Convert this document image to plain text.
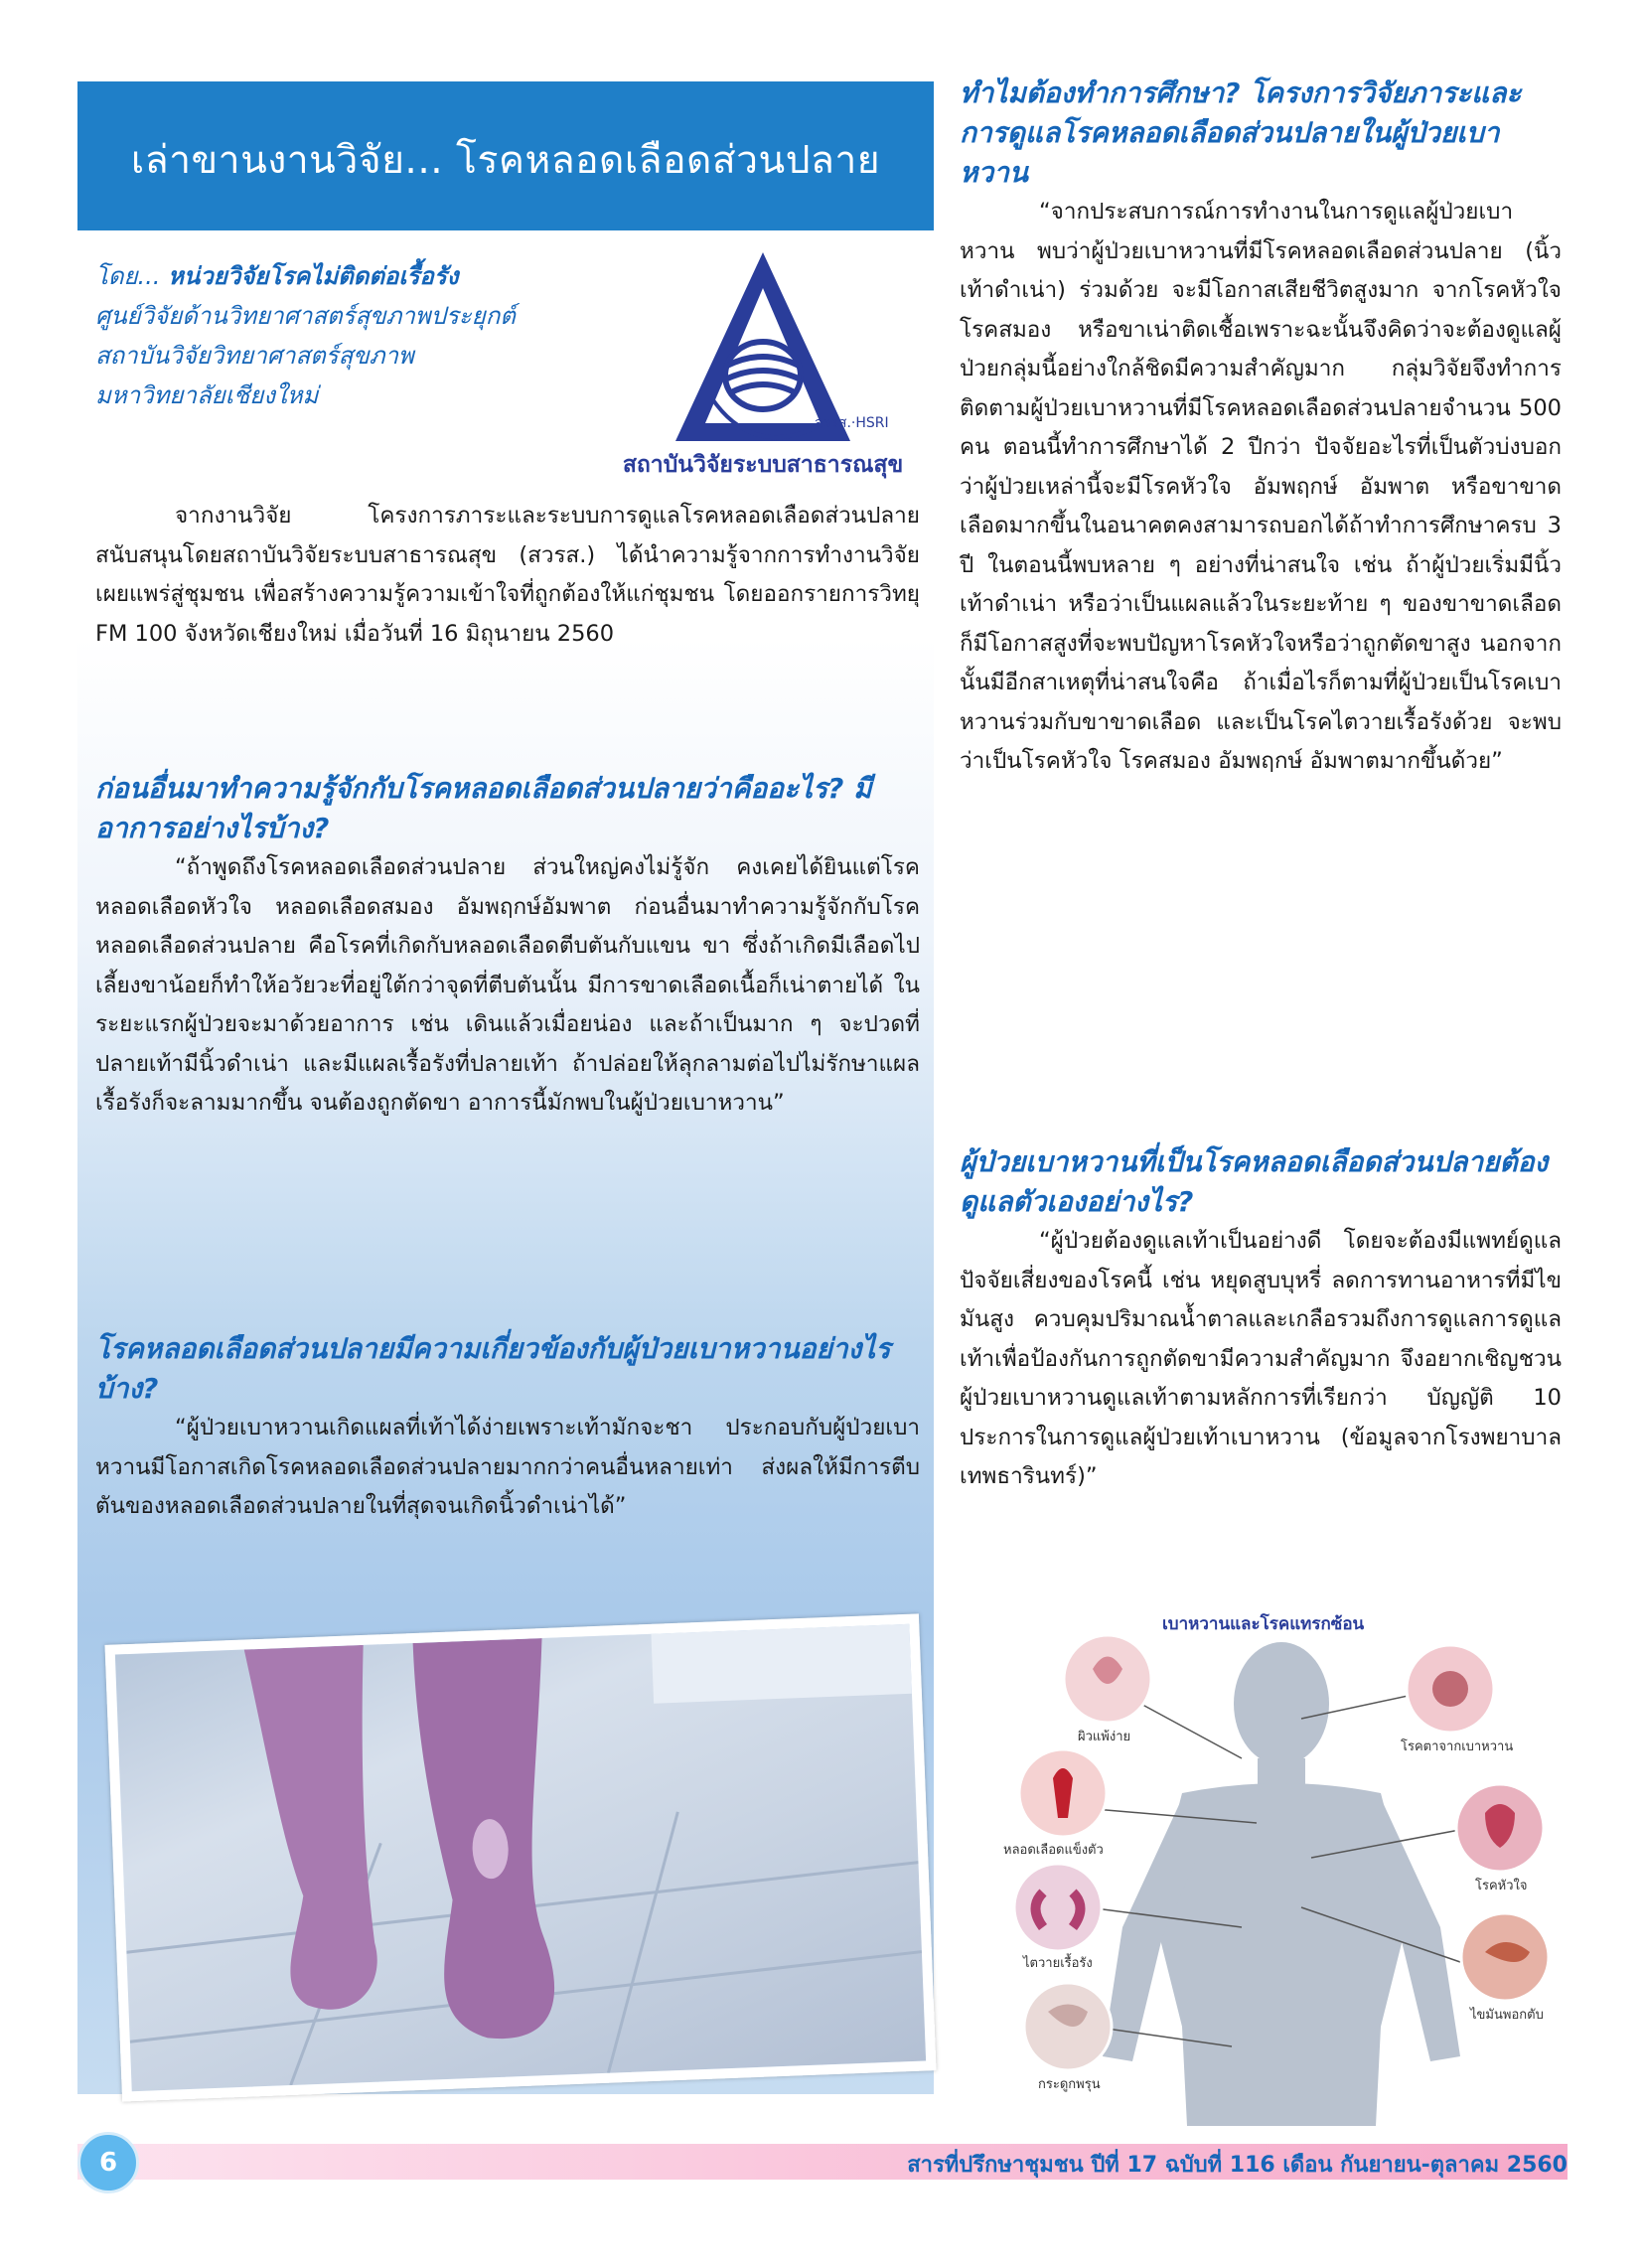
เล่าขานงานวิจัย... โรคหลอดเลือดส่วนปลาย
โดย... หน่วยวิจัยโรคไม่ติดต่อเรื้อรัง
ศูนย์วิจัยด้านวิทยาศาสตร์สุขภาพประยุกต์
สถาบันวิจัยวิทยาศาสตร์สุขภาพ
มหาวิทยาลัยเชียงใหม่
สวรส.·HSRI
สถาบันวิจัยระบบสาธารณสุข

จากงานวิจัย โครงการภาระและระบบการดูแลโรคหลอดเลือดส่วนปลาย สนับสนุนโดยสถาบันวิจัยระบบสาธารณสุข (สวรส.) ได้นำความรู้จากการทำงานวิจัยเผยแพร่สู่ชุมชน เพื่อสร้างความรู้ความเข้าใจที่ถูกต้องให้แก่ชุมชน โดยออกรายการวิทยุ FM 100 จังหวัดเชียงใหม่ เมื่อวันที่ 16 มิถุนายน 2560

ก่อนอื่นมาทำความรู้จักกับโรคหลอดเลือดส่วนปลายว่าคืออะไร? มีอาการอย่างไรบ้าง?

“ถ้าพูดถึงโรคหลอดเลือดส่วนปลาย ส่วนใหญ่คงไม่รู้จัก คงเคยได้ยินแต่โรคหลอดเลือดหัวใจ หลอดเลือดสมอง อัมพฤกษ์อัมพาต ก่อนอื่นมาทำความรู้จักกับโรคหลอดเลือดส่วนปลาย คือโรคที่เกิดกับหลอดเลือดตีบตันกับแขน ขา ซึ่งถ้าเกิดมีเลือดไปเลี้ยงขาน้อยก็ทำให้อวัยวะที่อยู่ใต้กว่าจุดที่ตีบตันนั้น มีการขาดเลือดเนื้อก็เน่าตายได้ ในระยะแรกผู้ป่วยจะมาด้วยอาการ เช่น เดินแล้วเมื่อยน่อง และถ้าเป็นมาก ๆ จะปวดที่ปลายเท้ามีนิ้วดำเน่า และมีแผลเรื้อรังที่ปลายเท้า ถ้าปล่อยให้ลุกลามต่อไปไม่รักษาแผลเรื้อรังก็จะลามมากขึ้น จนต้องถูกตัดขา อาการนี้มักพบในผู้ป่วยเบาหวาน”

โรคหลอดเลือดส่วนปลายมีความเกี่ยวข้องกับผู้ป่วยเบาหวานอย่างไรบ้าง?

“ผู้ป่วยเบาหวานเกิดแผลที่เท้าได้ง่ายเพราะเท้ามักจะชา ประกอบกับผู้ป่วยเบาหวานมีโอกาสเกิดโรคหลอดเลือดส่วนปลายมากกว่าคนอื่นหลายเท่า ส่งผลให้มีการตีบตันของหลอดเลือดส่วนปลายในที่สุดจนเกิดนิ้วดำเน่าได้”

ทำไมต้องทำการศึกษา? โครงการวิจัยภาระและการดูแลโรคหลอดเลือดส่วนปลายในผู้ป่วยเบาหวาน

“จากประสบการณ์การทำงานในการดูแลผู้ป่วยเบาหวาน พบว่าผู้ป่วยเบาหวานที่มีโรคหลอดเลือดส่วนปลาย (นิ้วเท้าดำเน่า) ร่วมด้วย จะมีโอกาสเสียชีวิตสูงมาก จากโรคหัวใจ โรคสมอง หรือขาเน่าติดเชื้อเพราะฉะนั้นจึงคิดว่าจะต้องดูแลผู้ป่วยกลุ่มนี้อย่างใกล้ชิดมีความสำคัญมาก กลุ่มวิจัยจึงทำการติดตามผู้ป่วยเบาหวานที่มีโรคหลอดเลือดส่วนปลายจำนวน 500 คน ตอนนี้ทำการศึกษาได้ 2 ปีกว่า ปัจจัยอะไรที่เป็นตัวบ่งบอกว่าผู้ป่วยเหล่านี้จะมีโรคหัวใจ อัมพฤกษ์ อัมพาต หรือขาขาดเลือดมากขึ้นในอนาคตคงสามารถบอกได้ถ้าทำการศึกษาครบ 3 ปี ในตอนนี้พบหลาย ๆ อย่างที่น่าสนใจ เช่น ถ้าผู้ป่วยเริ่มมีนิ้วเท้าดำเน่า หรือว่าเป็นแผลแล้วในระยะท้าย ๆ ของขาขาดเลือดก็มีโอกาสสูงที่จะพบปัญหาโรคหัวใจหรือว่าถูกตัดขาสูง นอกจากนั้นมีอีกสาเหตุที่น่าสนใจคือ ถ้าเมื่อไรก็ตามที่ผู้ป่วยเป็นโรคเบาหวานร่วมกับขาขาดเลือด และเป็นโรคไตวายเรื้อรังด้วย จะพบว่าเป็นโรคหัวใจ โรคสมอง อัมพฤกษ์ อัมพาตมากขึ้นด้วย”

ผู้ป่วยเบาหวานที่เป็นโรคหลอดเลือดส่วนปลายต้องดูแลตัวเองอย่างไร?

“ผู้ป่วยต้องดูแลเท้าเป็นอย่างดี โดยจะต้องมีแพทย์ดูแลปัจจัยเสี่ยงของโรคนี้ เช่น หยุดสูบบุหรี่ ลดการทานอาหารที่มีไขมันสูง ควบคุมปริมาณน้ำตาลและเกลือรวมถึงการดูแลการดูแลเท้าเพื่อป้องกันการถูกตัดขามีความสำคัญมาก จึงอยากเชิญชวนผู้ป่วยเบาหวานดูแลเท้าตามหลักการที่เรียกว่า บัญญัติ 10 ประการในการดูแลผู้ป่วยเท้าเบาหวาน (ข้อมูลจากโรงพยาบาลเทพธารินทร์)”

เบาหวานและโรคแทรกซ้อน
ผิวแพ้ง่าย
โรคตาจากเบาหวาน
หลอดเลือดแข็งตัว
โรคหัวใจ
ไตวายเรื้อรัง
ไขมันพอกตับ
กระดูกพรุน
6	สารที่ปรึกษาชุมชน ปีที่ 17 ฉบับที่ 116 เดือน กันยายน-ตุลาคม 2560
